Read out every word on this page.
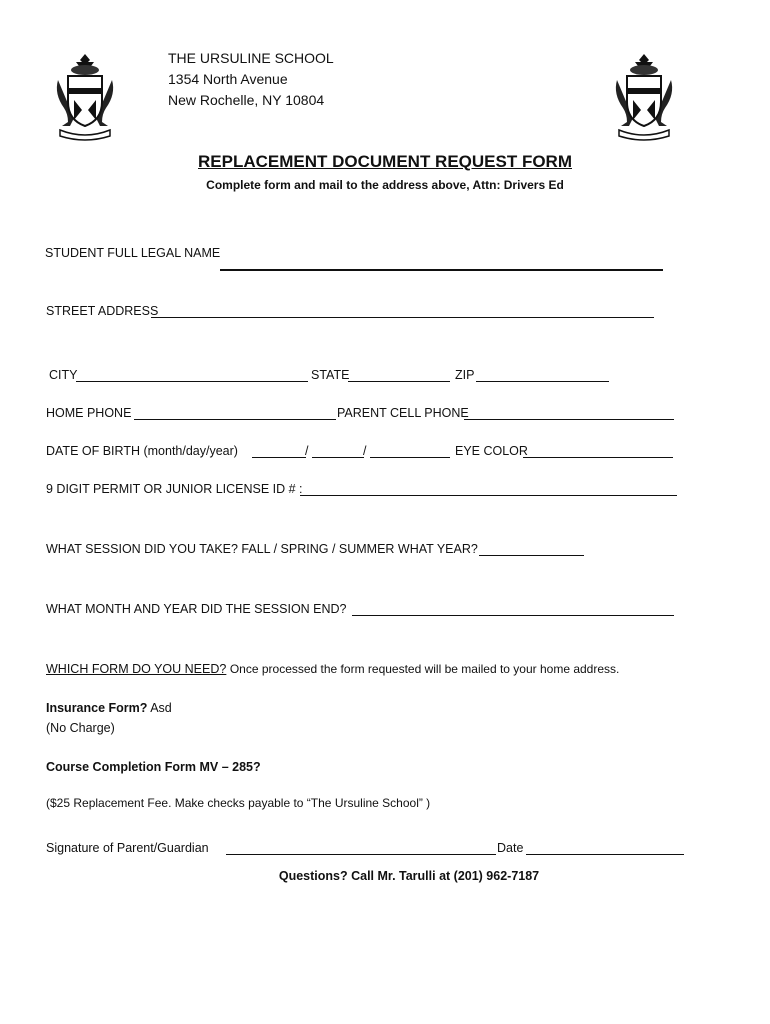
THE URSULINE SCHOOL
1354 North Avenue
New Rochelle, NY 10804
REPLACEMENT DOCUMENT REQUEST FORM
Complete form and mail to the address above, Attn: Drivers Ed
STUDENT FULL LEGAL NAME
STREET ADDRESS
CITY	STATE	ZIP
HOME PHONE	PARENT CELL PHONE
DATE OF BIRTH (month/day/year)	/	/	EYE COLOR
9 DIGIT PERMIT OR JUNIOR LICENSE ID # :
WHAT SESSION DID YOU TAKE? FALL / SPRING / SUMMER WHAT YEAR?
WHAT MONTH AND YEAR DID THE SESSION END?
WHICH FORM DO YOU NEED? Once processed the form requested will be mailed to your home address.
Insurance Form? Asd
(No Charge)
Course Completion Form MV – 285?
($25 Replacement Fee. Make checks payable to “The Ursuline School” )
Signature of Parent/Guardian	Date
Questions? Call Mr. Tarulli at (201) 962-7187
